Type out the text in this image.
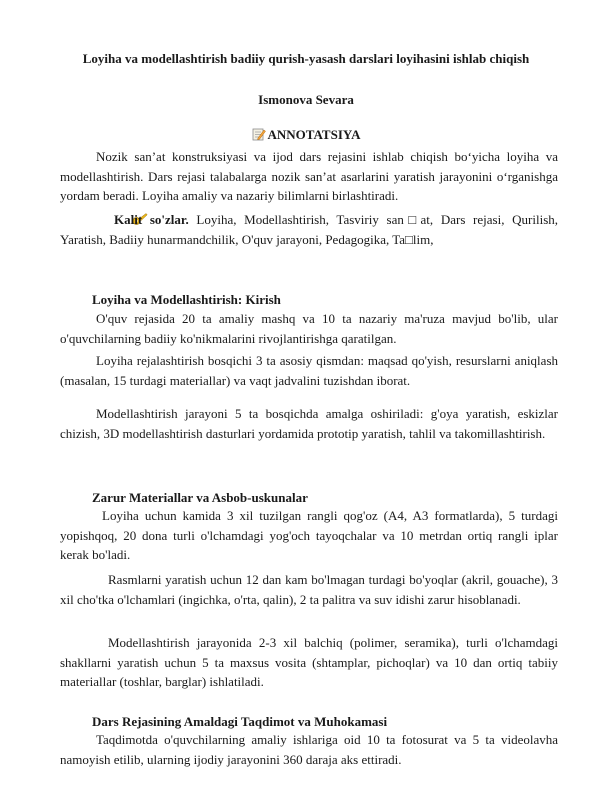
Loyiha va modellashtirish badiiy qurish-yasash darslari loyihasini ishlab chiqish
Ismonova Sevara
ANNOTATSIYA
Nozik san’at konstruksiyasi va ijod dars rejasini ishlab chiqish bo‘yicha loyiha va modellashtirish. Dars rejasi talabalarga nozik san’at asarlarini yaratish jarayonini o‘rganishga yordam beradi. Loyiha amaliy va nazariy bilimlarni birlashtiradi.
Kalit so'zlar. Loyiha, Modellashtirish, Tasviriy san□at, Dars rejasi, Qurilish, Yaratish, Badiiy hunarmandchilik, O'quv jarayoni, Pedagogika, Ta□lim,
Loyiha va Modellashtirish: Kirish
O'quv rejasida 20 ta amaliy mashq va 10 ta nazariy ma'ruza mavjud bo'lib, ular o'quvchilarning badiiy ko'nikmalarini rivojlantirishga qaratilgan.
Loyiha rejalashtirish bosqichi 3 ta asosiy qismdan: maqsad qo'yish, resurslarni aniqlash (masalan, 15 turdagi materiallar) va vaqt jadvalini tuzishdan iborat.
Modellashtirish jarayoni 5 ta bosqichda amalga oshiriladi: g'oya yaratish, eskizlar chizish, 3D modellashtirish dasturlari yordamida prototip yaratish, tahlil va takomillashtirish.
Zarur Materiallar va Asbob-uskunalar
Loyiha uchun kamida 3 xil tuzilgan rangli qog'oz (A4, A3 formatlarda), 5 turdagi yopishqoq, 20 dona turli o'lchamdagi yog'och tayoqchalar va 10 metrdan ortiq rangli iplar kerak bo'ladi.
Rasmlarni yaratish uchun 12 dan kam bo'lmagan turdagi bo'yoqlar (akril, gouache), 3 xil cho'tka o'lchamlari (ingichka, o'rta, qalin), 2 ta palitra va suv idishi zarur hisoblanadi.
Modellashtirish jarayonida 2-3 xil balchiq (polimer, seramika), turli o'lchamdagi shakllarni yaratish uchun 5 ta maxsus vosita (shtamplar, pichoqlar) va 10 dan ortiq tabiiy materiallar (toshlar, barglar) ishlatiladi.
Dars Rejasining Amaldagi Taqdimot va Muhokamasi
Taqdimotda o'quvchilarning amaliy ishlariga oid 10 ta fotosurat va 5 ta videolavha namoyish etilib, ularning ijodiy jarayonini 360 daraja aks ettiradi.
